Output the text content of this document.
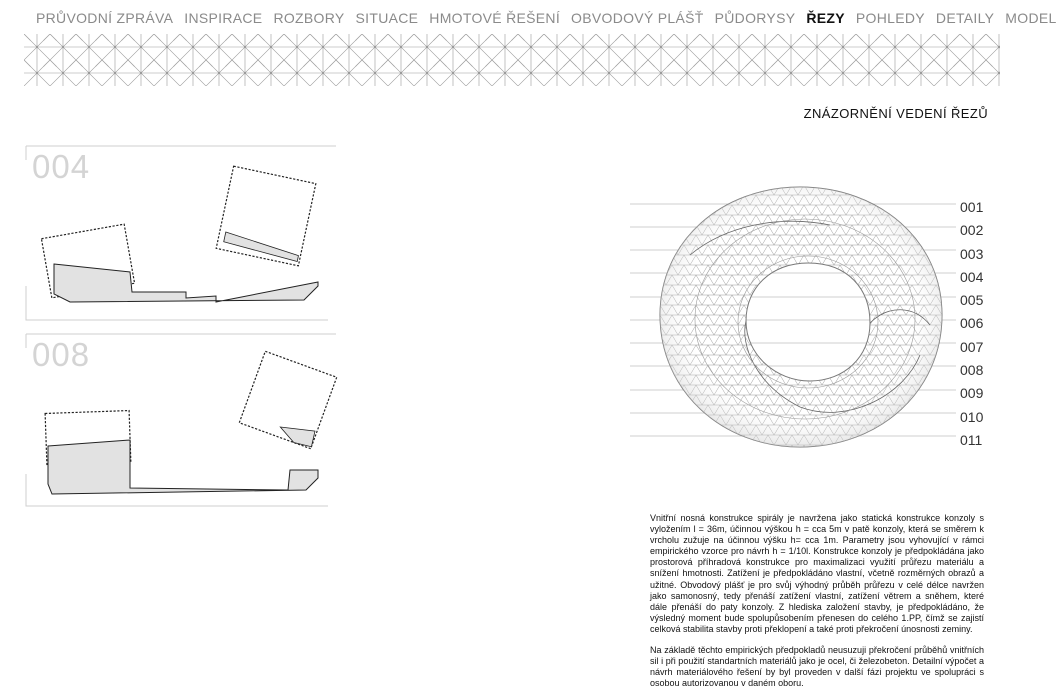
PRŮVODNÍ ZPRÁVA INSPIRACE ROZBORY SITUACE HMOTOVÉ ŘEŠENÍ OBVODOVÝ PLÁŠŤ PŮDORYSY ŘEZY POHLEDY DETAILY MODEL
ZNÁZORNĚNÍ VEDENÍ ŘEZŮ
004
008
001
002
003
004
005
006
007
008
009
010
011

Vnitřní nosná konstrukce spirály je navržena jako statická konstrukce konzoly s vyložením l = 36m, účinnou výškou h = cca 5m v patě konzoly, která se směrem k vrcholu zužuje na účinnou výšku h= cca 1m. Parametry jsou vyhovující v rámci empirického vzorce pro návrh h = 1/10l. Konstrukce konzoly je předpokládána jako prostorová příhradová konstrukce pro maximalizaci využití průřezu materiálu a snížení hmotnosti. Zatížení je předpokládáno vlastní, včetně rozměrných obrazů a užitné. Obvodový plášť je pro svůj výhodný průběh průřezu v celé délce navržen jako samonosný, tedy přenáší zatížení vlastní, zatížení větrem a sněhem, které dále přenáší do paty konzoly. Z hlediska založení stavby, je předpokládáno, že výsledný moment bude spolupůsobením přenesen do celého 1.PP, čímž se zajistí celková stabilita stavby proti překlopení a také proti překročení únosnosti zeminy.

Na základě těchto empirických předpokladů neusuzuji překročení průběhů vnitřních sil i při použití standartních materiálů jako je ocel, či železobeton. Detailní výpočet a návrh materiálového řešení by byl proveden v další fázi projektu ve spolupráci s osobou autorizovanou v daném oboru.
